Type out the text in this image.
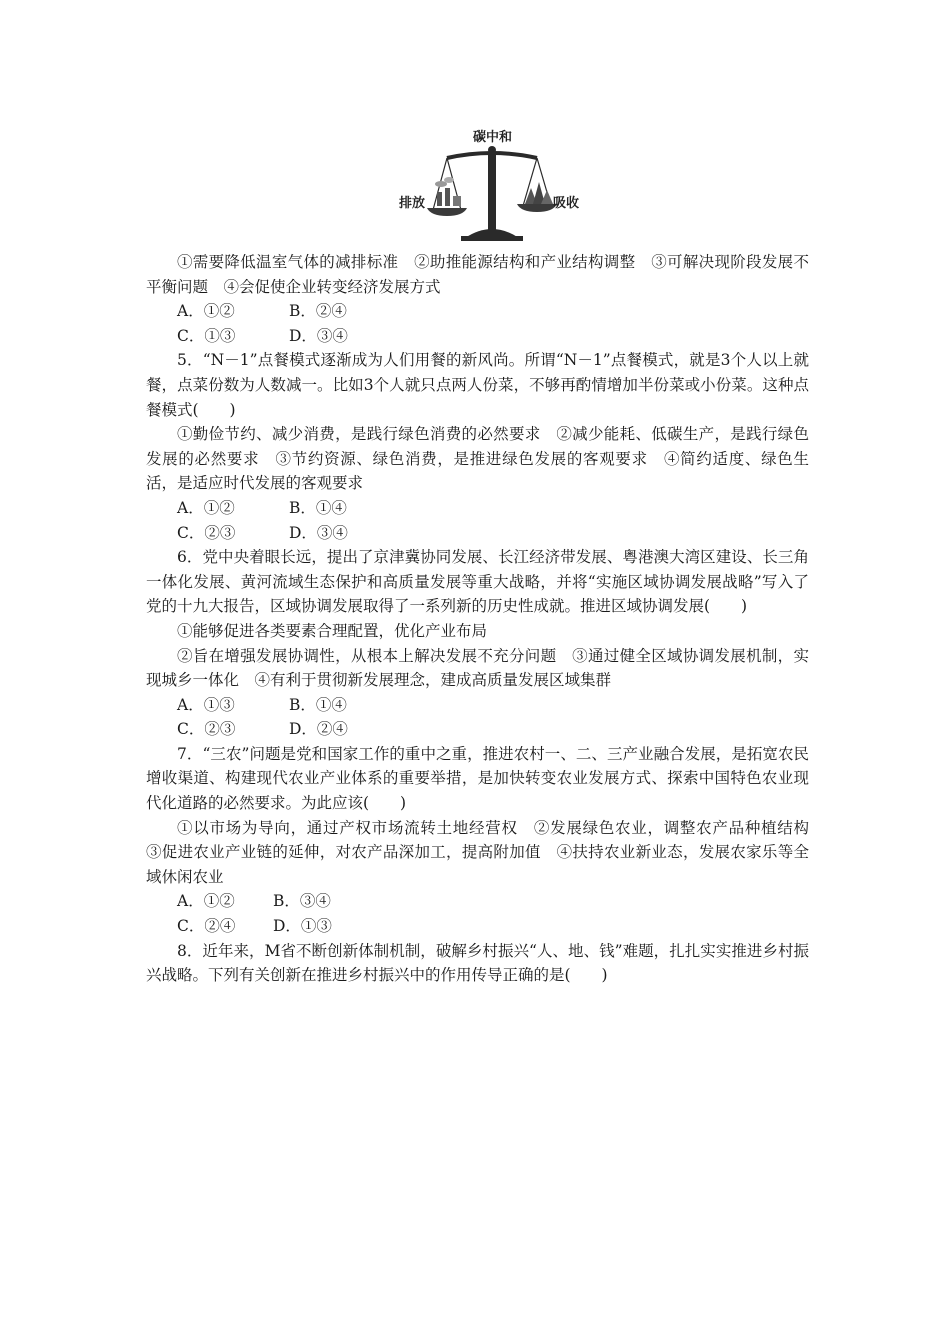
碳中和
排放	吸收

①需要降低温室气体的减排标准　②助推能源结构和产业结构调整　③可解决现阶段发展不平衡问题　④会促使企业转变经济发展方式

A．①②	B．②④

C．①③	D．③④

5．“N－1”点餐模式逐渐成为人们用餐的新风尚。所谓“N－1”点餐模式，就是3个人以上就餐，点菜份数为人数减一。比如3个人就只点两人份菜，不够再酌情增加半份菜或小份菜。这种点餐模式(　　)

①勤俭节约、减少消费，是践行绿色消费的必然要求　②减少能耗、低碳生产，是践行绿色发展的必然要求　③节约资源、绿色消费，是推进绿色发展的客观要求　④简约适度、绿色生活，是适应时代发展的客观要求

A．①②	B．①④

C．②③	D．③④

6．党中央着眼长远，提出了京津冀协同发展、长江经济带发展、粤港澳大湾区建设、长三角一体化发展、黄河流域生态保护和高质量发展等重大战略，并将“实施区域协调发展战略”写入了党的十九大报告，区域协调发展取得了一系列新的历史性成就。推进区域协调发展(　　)

①能够促进各类要素合理配置，优化产业布局

②旨在增强发展协调性，从根本上解决发展不充分问题　③通过健全区域协调发展机制，实现城乡一体化　④有利于贯彻新发展理念，建成高质量发展区域集群

A．①③	B．①④

C．②③	D．②④

7．“三农”问题是党和国家工作的重中之重，推进农村一、二、三产业融合发展，是拓宽农民增收渠道、构建现代农业产业体系的重要举措，是加快转变农业发展方式、探索中国特色农业现代化道路的必然要求。为此应该(　　)

①以市场为导向，通过产权市场流转土地经营权　②发展绿色农业，调整农产品种植结构　③促进农业产业链的延伸，对农产品深加工，提高附加值　④扶持农业新业态，发展农家乐等全域休闲农业

A．①② B．③④

C．②④ D．①③

8．近年来，M省不断创新体制机制，破解乡村振兴“人、地、钱”难题，扎扎实实推进乡村振兴战略。下列有关创新在推进乡村振兴中的作用传导正确的是(　　)
